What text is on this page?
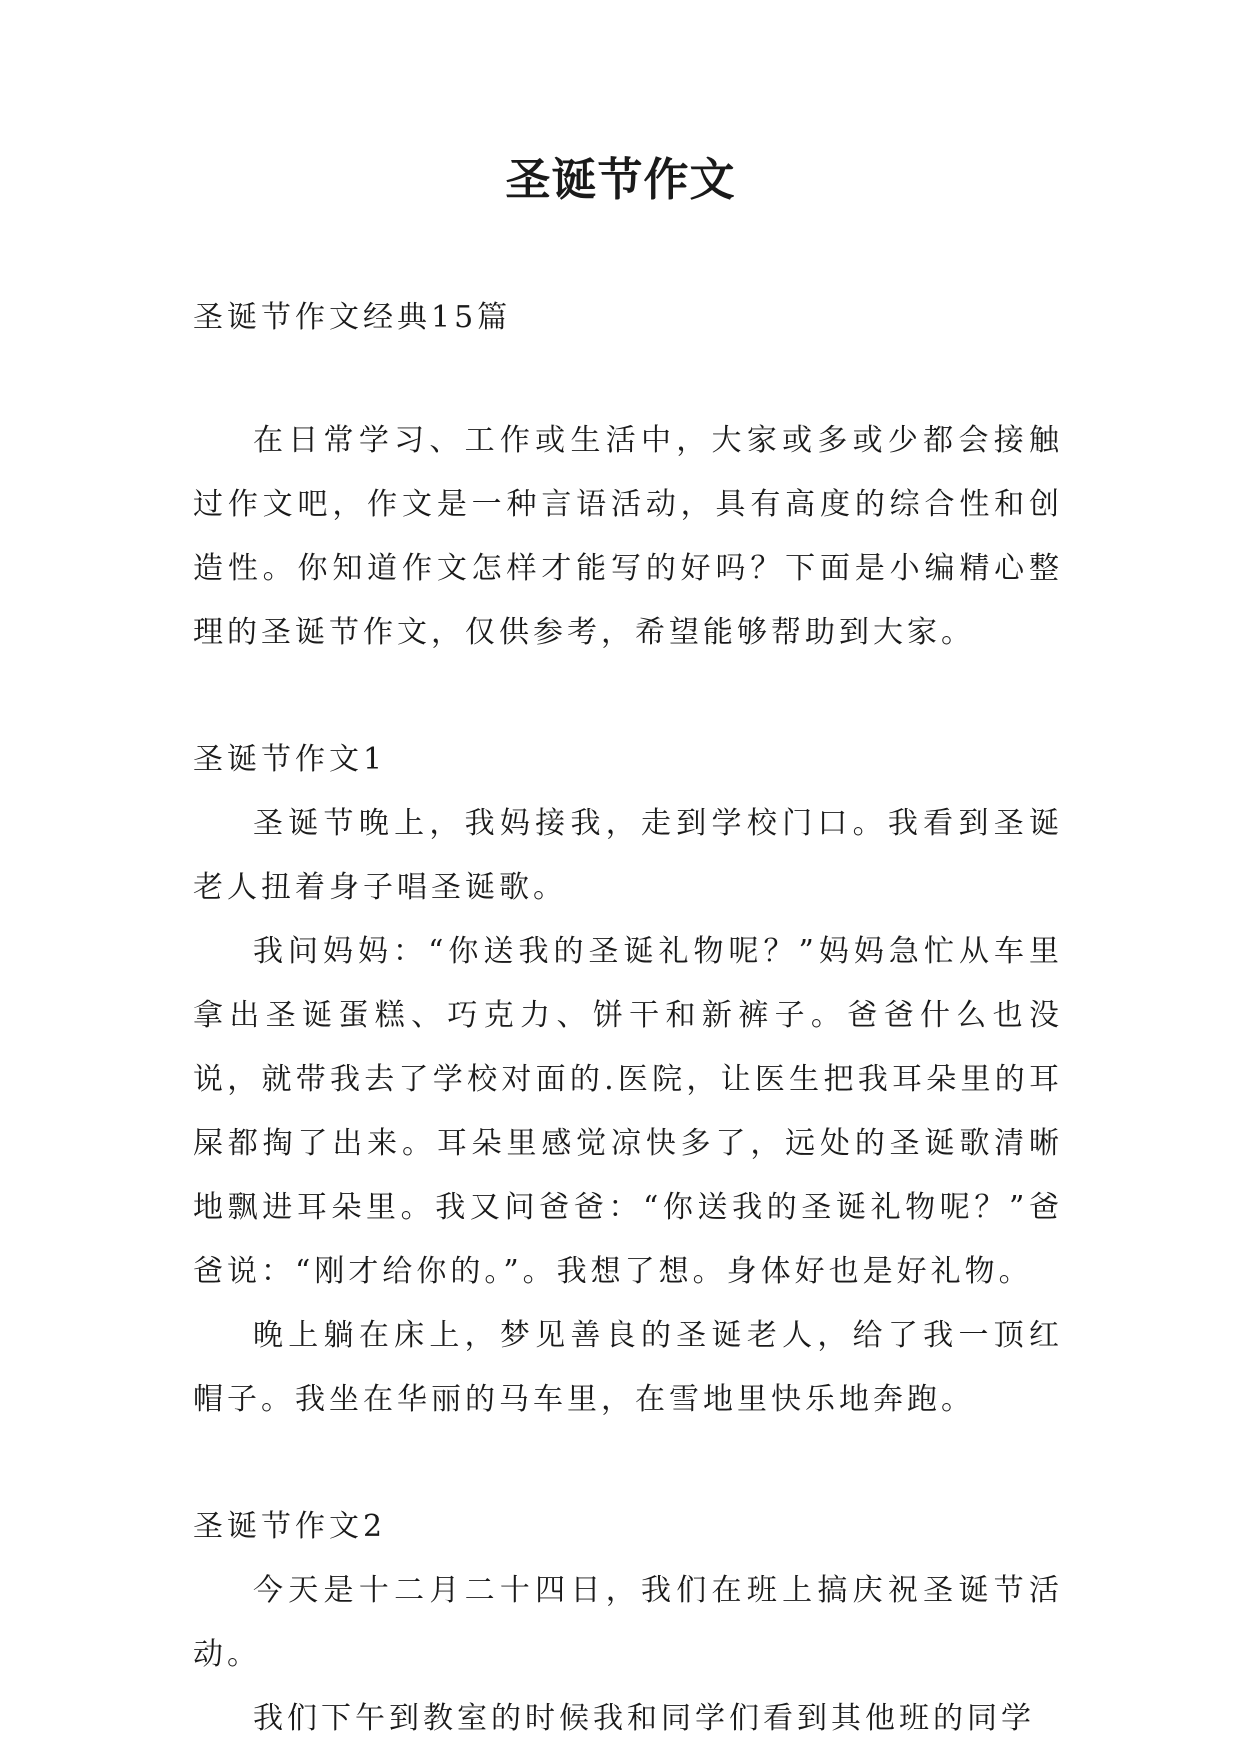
圣诞节作文

圣诞节作文经典15篇

在日常学习、工作或生活中，大家或多或少都会接触过作文吧，作文是一种言语活动，具有高度的综合性和创造性。你知道作文怎样才能写的好吗？下面是小编精心整理的圣诞节作文，仅供参考，希望能够帮助到大家。

圣诞节作文1

圣诞节晚上，我妈接我，走到学校门口。我看到圣诞老人扭着身子唱圣诞歌。

我问妈妈：“你送我的圣诞礼物呢？”妈妈急忙从车里拿出圣诞蛋糕、巧克力、饼干和新裤子。爸爸什么也没说，就带我去了学校对面的.医院，让医生把我耳朵里的耳屎都掏了出来。耳朵里感觉凉快多了，远处的圣诞歌清晰地飘进耳朵里。我又问爸爸：“你送我的圣诞礼物呢？”爸爸说：“刚才给你的。”。我想了想。身体好也是好礼物。

晚上躺在床上，梦见善良的圣诞老人，给了我一顶红帽子。我坐在华丽的马车里，在雪地里快乐地奔跑。

圣诞节作文2

今天是十二月二十四日，我们在班上搞庆祝圣诞节活动。

我们下午到教室的时候我和同学们看到其他班的同学
